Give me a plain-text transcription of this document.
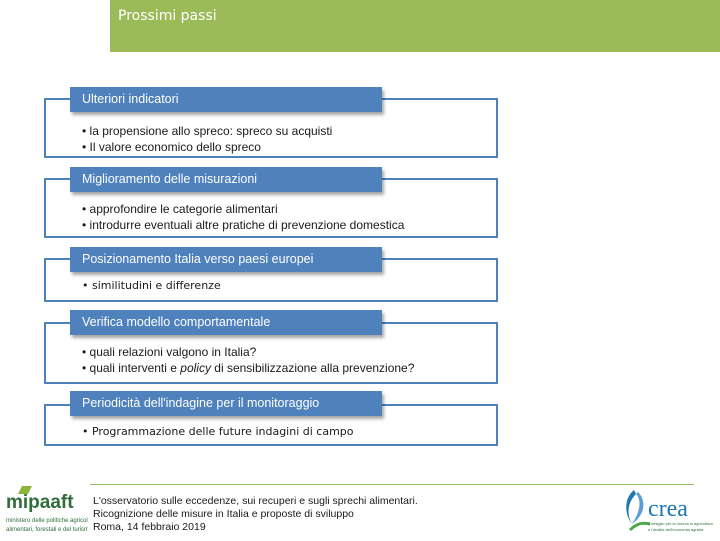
Prossimi passi
Ulteriori indicatori
• la propensione allo spreco: spreco su acquisti
• Il valore economico dello spreco
Miglioramento delle misurazioni
• approfondire le categorie alimentari
• introdurre eventuali altre pratiche di prevenzione domestica
Posizionamento Italia verso paesi europei
• similitudini e differenze
Verifica modello comportamentale
• quali relazioni valgono in Italia?
• quali interventi e policy di sensibilizzazione alla prevenzione?
Periodicità dell'indagine per il monitoraggio
• Programmazione delle future indagini di campo
mipaaft
ministero delle politiche agricole
alimentari, forestali e del turismo
L'osservatorio sulle eccedenze, sui recuperi e sugli sprechi alimentari.
Ricognizione delle misure in Italia e proposte di sviluppo
Roma, 14 febbraio 2019
crea
Consiglio per la ricerca in agricoltura
e l'analisi dell'economia agraria
